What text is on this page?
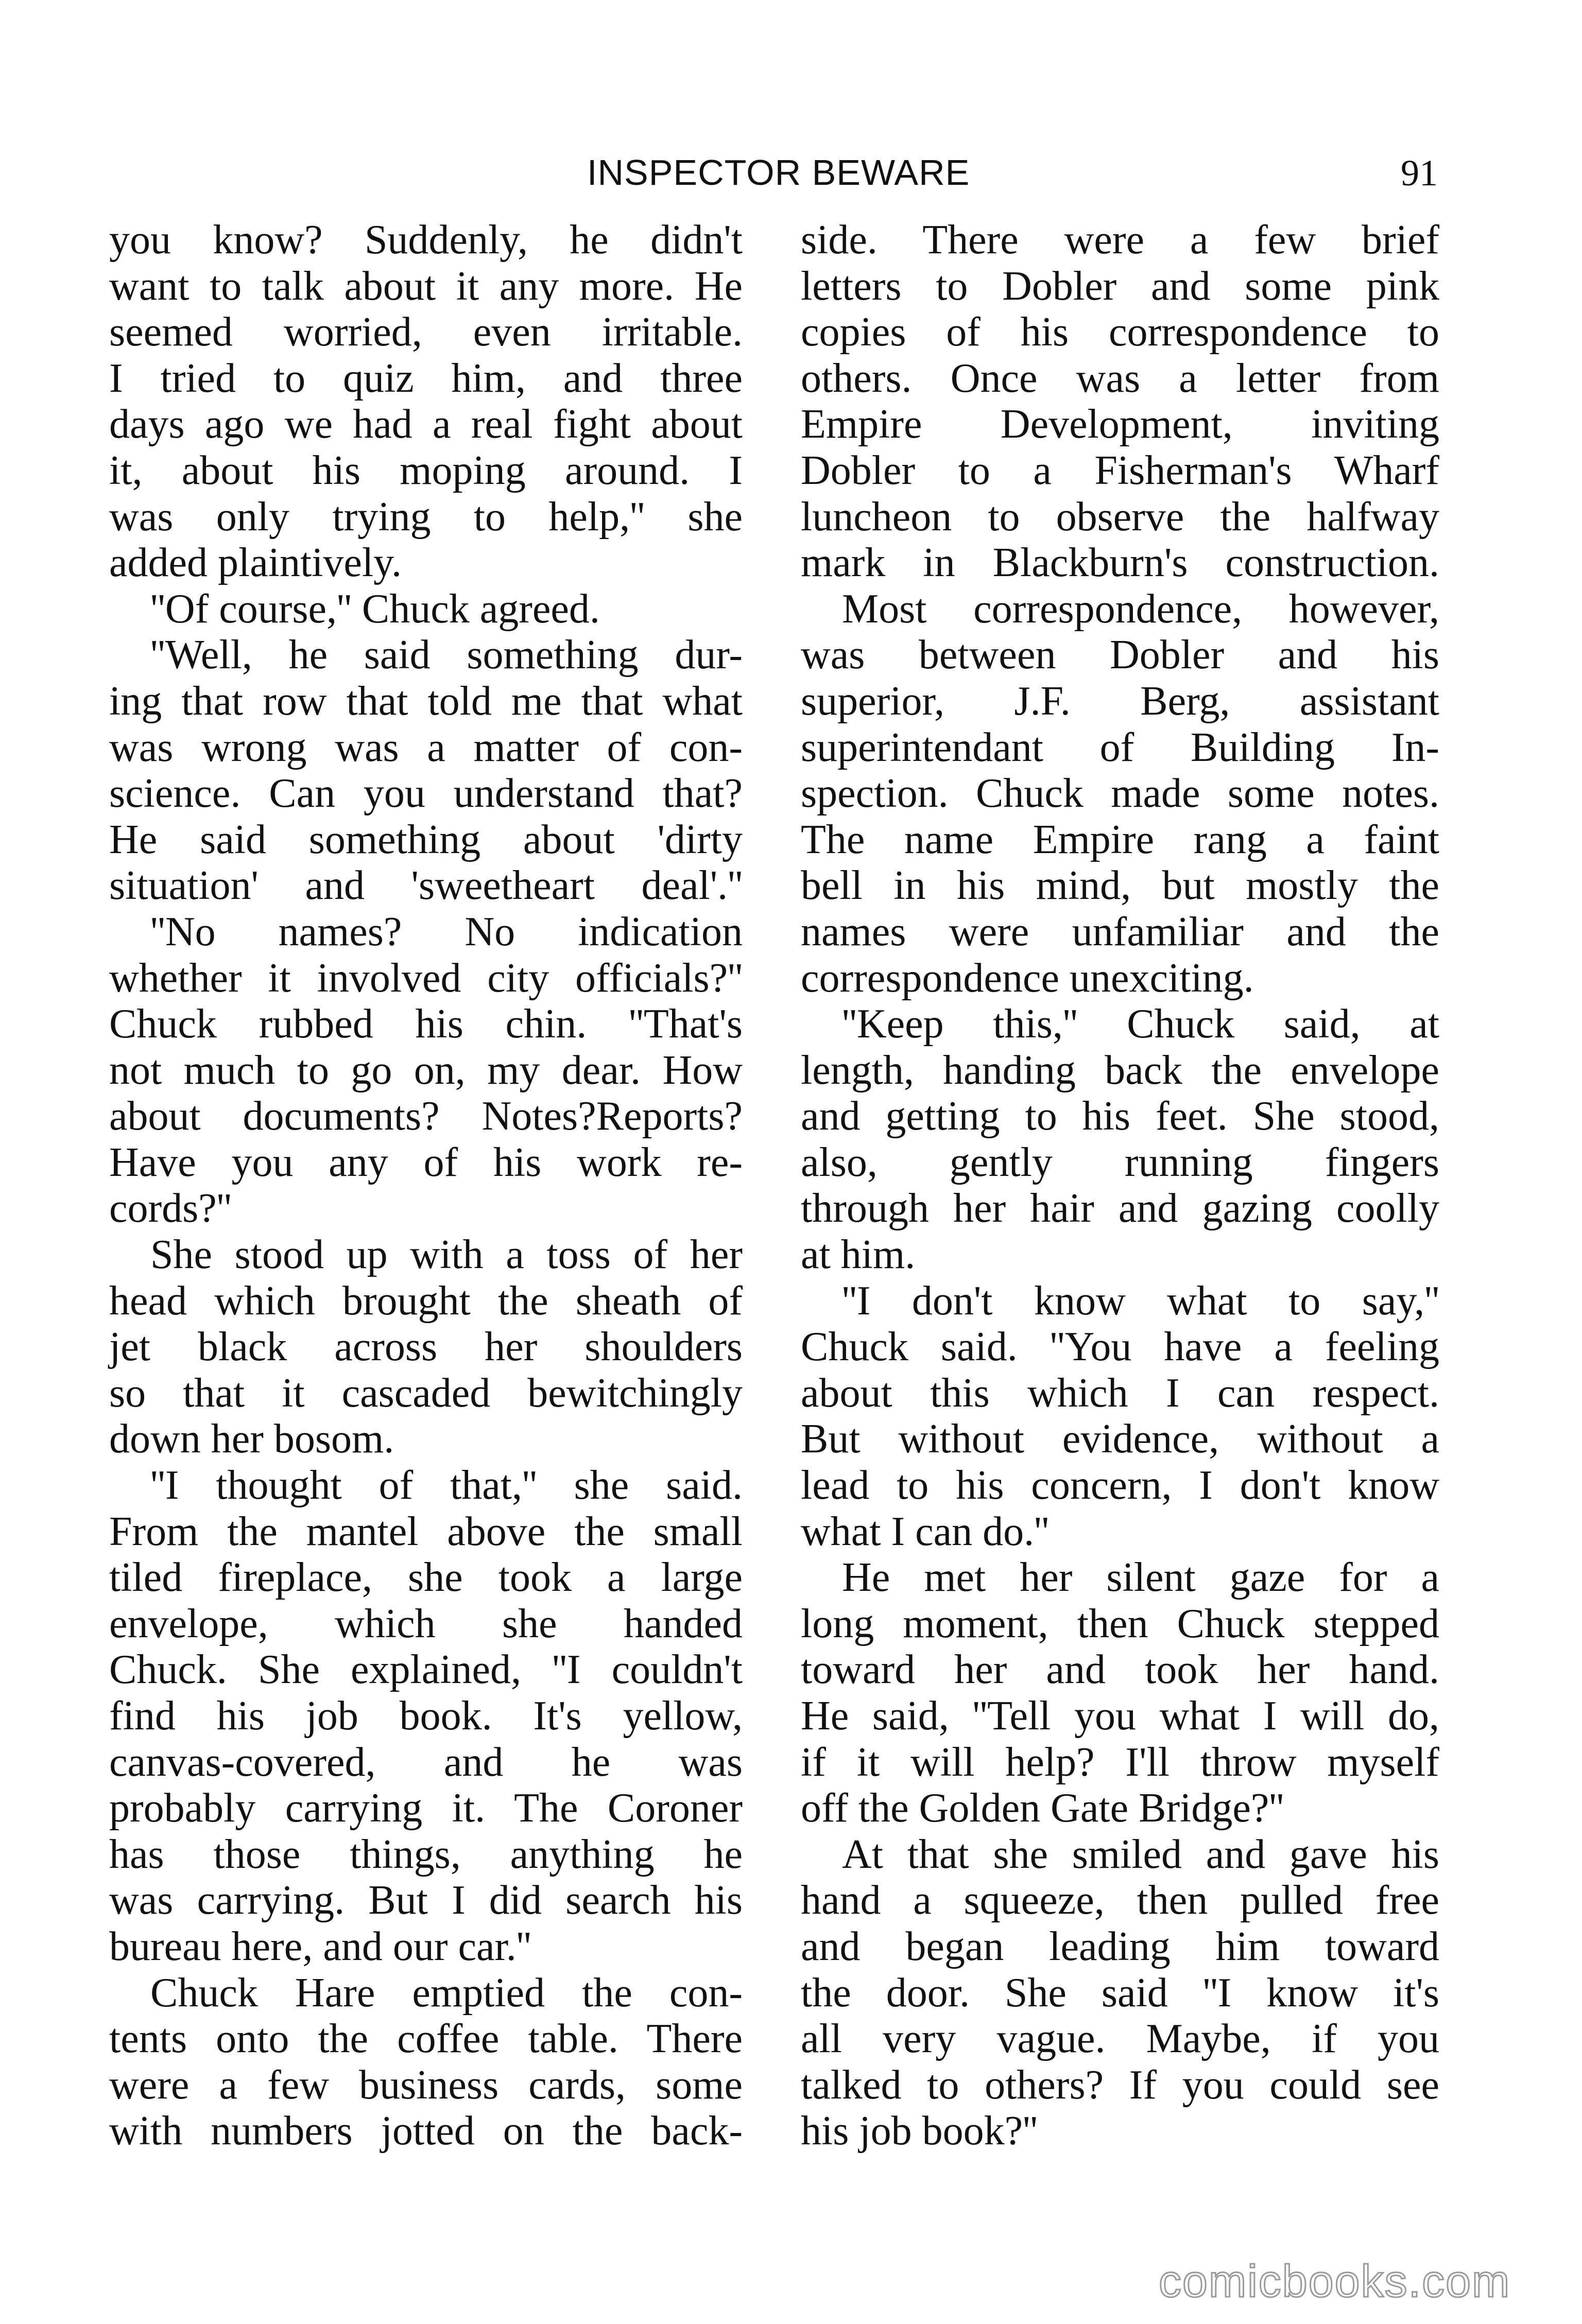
INSPECTOR BEWARE	91
you know? Suddenly, he didn't
want to talk about it any more. He
seemed worried, even irritable.
I tried to quiz him, and three
days ago we had a real fight about
it, about his moping around. I
was only trying to help,'' she
added plaintively.
''Of course,'' Chuck agreed.
''Well, he said something dur-
ing that row that told me that what
was wrong was a matter of con-
science. Can you understand that?
He said something about 'dirty
situation' and 'sweetheart deal'.''
''No names? No indication
whether it involved city officials?''
Chuck rubbed his chin. ''That's
not much to go on, my dear. How
about documents? Notes?Reports?
Have you any of his work re-
cords?''
She stood up with a toss of her
head which brought the sheath of
jet black across her shoulders
so that it cascaded bewitchingly
down her bosom.
''I thought of that,'' she said.
From the mantel above the small
tiled fireplace, she took a large
envelope, which she handed
Chuck. She explained, ''I couldn't
find his job book. It's yellow,
canvas-covered, and he was
probably carrying it. The Coroner
has those things, anything he
was carrying. But I did search his
bureau here, and our car.''
Chuck Hare emptied the con-
tents onto the coffee table. There
were a few business cards, some
with numbers jotted on the back-
side. There were a few brief
letters to Dobler and some pink
copies of his correspondence to
others. Once was a letter from
Empire Development, inviting
Dobler to a Fisherman's Wharf
luncheon to observe the halfway
mark in Blackburn's construction.
Most correspondence, however,
was between Dobler and his
superior, J.F. Berg, assistant
superintendant of Building In-
spection. Chuck made some notes.
The name Empire rang a faint
bell in his mind, but mostly the
names were unfamiliar and the
correspondence unexciting.
''Keep this,'' Chuck said, at
length, handing back the envelope
and getting to his feet. She stood,
also, gently running fingers
through her hair and gazing coolly
at him.
''I don't know what to say,''
Chuck said. ''You have a feeling
about this which I can respect.
But without evidence, without a
lead to his concern, I don't know
what I can do.''
He met her silent gaze for a
long moment, then Chuck stepped
toward her and took her hand.
He said, ''Tell you what I will do,
if it will help? I'll throw myself
off the Golden Gate Bridge?''
At that she smiled and gave his
hand a squeeze, then pulled free
and began leading him toward
the door. She said ''I know it's
all very vague. Maybe, if you
talked to others? If you could see
his job book?''
comicbooks.com
